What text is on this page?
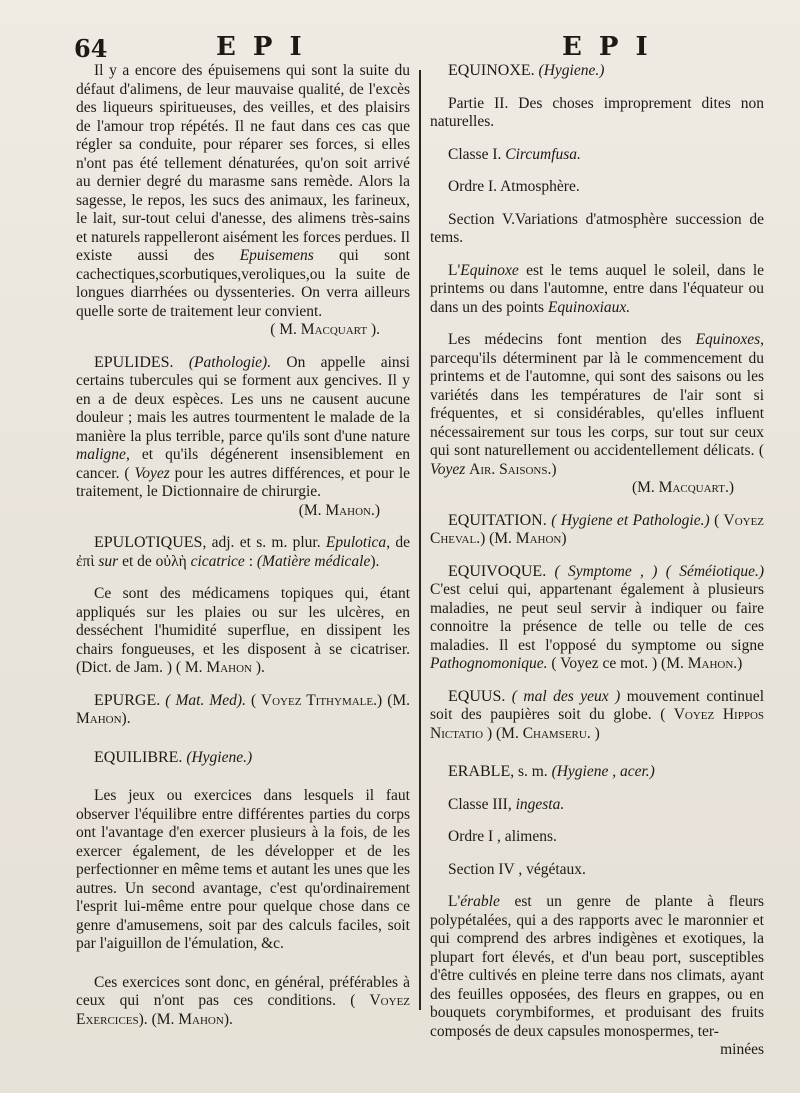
64	E P I	E P I

Il y a encore des épuisemens qui sont la suite du défaut d'alimens, de leur mauvaise qualité, de l'excès des liqueurs spiritueuses, des veilles, et des plaisirs de l'amour trop répétés. Il ne faut dans ces cas que régler sa conduite, pour réparer ses forces, si elles n'ont pas été tellement dénaturées, qu'on soit arrivé au dernier degré du marasme sans remède. Alors la sagesse, le repos, les sucs des animaux, les farineux, le lait, sur-tout celui d'anesse, des alimens très-sains et naturels rappelleront aisément les forces perdues. Il existe aussi des Epuisemens qui sont cachectiques,scorbutiques,veroliques,ou la suite de longues diarrhées ou dyssenteries. On verra ailleurs quelle sorte de traitement leur convient.

( M. Macquart ).

EPULIDES. (Pathologie). On appelle ainsi certains tubercules qui se forment aux gencives. Il y en a de deux espèces. Les uns ne causent aucune douleur ; mais les autres tourmentent le malade de la manière la plus terrible, parce qu'ils sont d'une nature maligne, et qu'ils dégénerent insensiblement en cancer. ( Voyez pour les autres différences, et pour le traitement, le Dictionnaire de chirurgie.

(M. Mahon.)

EPULOTIQUES, adj. et s. m. plur. Epulotica, de ἐπὶ sur et de οὐλὴ cicatrice : (Matière médicale).

Ce sont des médicamens topiques qui, étant appliqués sur les plaies ou sur les ulcères, en desséchent l'humidité superflue, en dissipent les chairs fongueuses, et les disposent à se cicatriser. (Dict. de Jam. ) ( M. Mahon ).

EPURGE. ( Mat. Med). ( Voyez Tithymale.) (M. Mahon).

EQUILIBRE. (Hygiene.)

Les jeux ou exercices dans lesquels il faut observer l'équilibre entre différentes parties du corps ont l'avantage d'en exercer plusieurs à la fois, de les exercer également, de les développer et de les perfectionner en même tems et autant les unes que les autres. Un second avantage, c'est qu'ordinairement l'esprit lui-même entre pour quelque chose dans ce genre d'amusemens, soit par des calculs faciles, soit par l'aiguillon de l'émulation, &c.

Ces exercices sont donc, en général, préférables à ceux qui n'ont pas ces conditions. ( Voyez Exercices). (M. Mahon).

EQUINOXE. (Hygiene.)

Partie II. Des choses improprement dites non naturelles.

Classe I. Circumfusa.

Ordre I. Atmosphère.

Section V.Variations d'atmosphère succession de tems.

L'Equinoxe est le tems auquel le soleil, dans le printems ou dans l'automne, entre dans l'équateur ou dans un des points Equinoxiaux.

Les médecins font mention des Equinoxes, parcequ'ils déterminent par là le commencement du printems et de l'automne, qui sont des saisons ou les variétés dans les températures de l'air sont si fréquentes, et si considérables, qu'elles influent nécessairement sur tous les corps, sur tout sur ceux qui sont naturellement ou accidentellement délicats. ( Voyez Air. Saisons.)

(M. Macquart.)

EQUITATION. ( Hygiene et Pathologie.) ( Voyez Cheval.) (M. Mahon)

EQUIVOQUE. ( Symptome , ) ( Séméiotique.) C'est celui qui, appartenant également à plusieurs maladies, ne peut seul servir à indiquer ou faire connoitre la présence de telle ou telle de ces maladies. Il est l'opposé du symptome ou signe Pathognomonique. ( Voyez ce mot. ) (M. Mahon.)

EQUUS. ( mal des yeux ) mouvement continuel soit des paupières soit du globe. ( Voyez Hippos Nictatio ) (M. Chamseru. )

ERABLE, s. m. (Hygiene , acer.)

Classe III, ingesta.

Ordre I , alimens.

Section IV , végétaux.

L'érable est un genre de plante à fleurs polypétalées, qui a des rapports avec le maronnier et qui comprend des arbres indigènes et exotiques, la plupart fort élevés, et d'un beau port, susceptibles d'être cultivés en pleine terre dans nos climats, ayant des feuilles opposées, des fleurs en grappes, ou en bouquets corymbiformes, et produisant des fruits composés de deux capsules monospermes, ter-

minées
